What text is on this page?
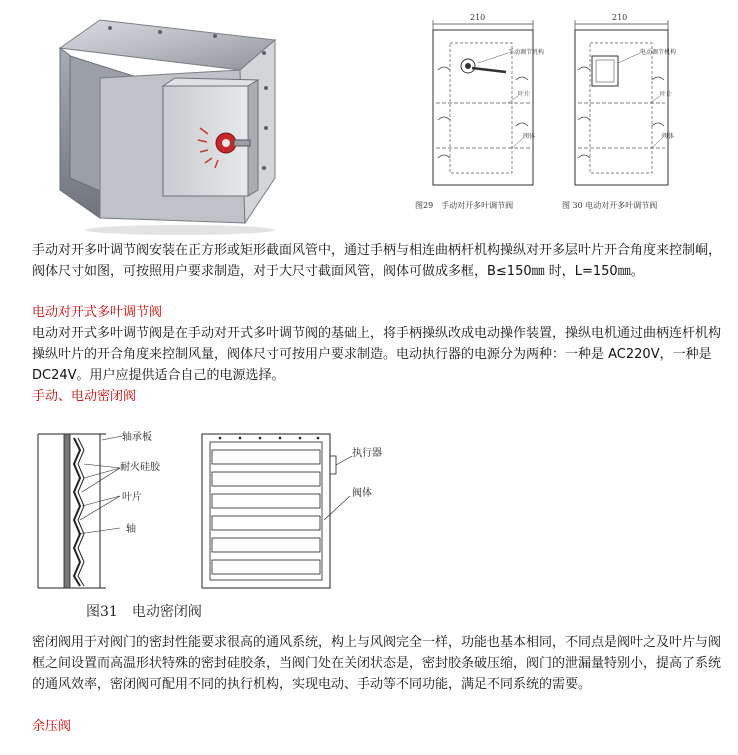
210
手动调节机构
叶片
阀体
图29　手动对开多叶调节阀
210
电动调节机构
叶片
阀体
图 30 电动对开多叶调节阀
手动对开多叶调节阀安装在正方形或矩形截面风管中，通过手柄与相连曲柄杆机构操纵对开多层叶片开合角度来控制峒，阀体尺寸如图，可按照用户要求制造，对于大尺寸截面风管，阀体可做成多框，B≤150㎜ 时，L=150㎜。
电动对开式多叶调节阀
电动对开式多叶调节阀是在手动对开式多叶调节阀的基础上，将手柄操纵改成电动操作装置，操纵电机通过曲柄连杆机构操纵叶片的开合角度来控制风量，阀体尺寸可按用户要求制造。电动执行器的电源分为两种：一种是 AC220V，一种是 DC24V。用户应提供适合自己的电源选择。
手动、电动密闭阀
轴承板
耐火硅胶
叶片
轴
执行器
阀体
图31　电动密闭阀
密闭阀用于对阀门的密封性能要求很高的通风系统，构上与风阀完全一样，功能也基本相同，不同点是阀叶之及叶片与阀框之间设置而高温形状特殊的密封硅胶条，当阀门处在关闭状态是，密封胶条破压缩，阀门的泄漏量特别小，提高了系统的通风效率，密闭阀可配用不同的执行机构，实现电动、手动等不同功能，满足不同系统的需要。
余压阀
